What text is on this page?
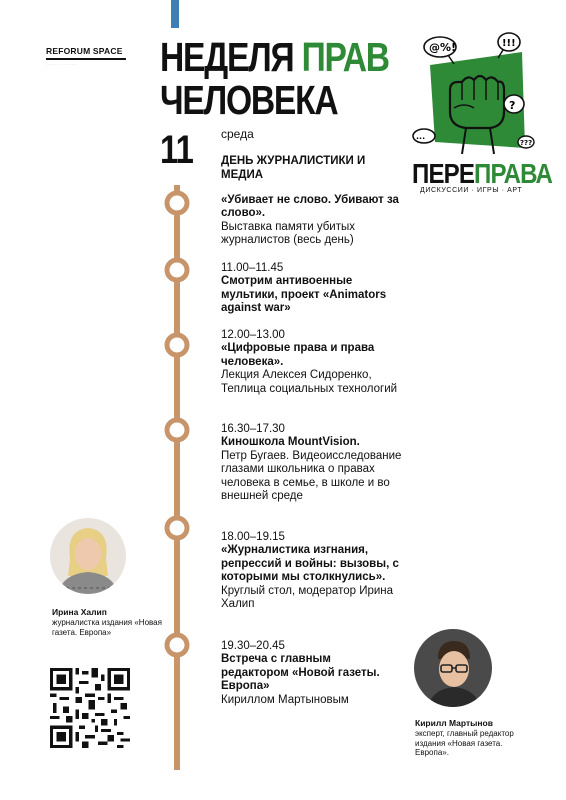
REFORUM SPACE
· · · · · · · · · · · · · · · · · ·	НЕДЕЛЯ ПРАВ
ЧЕЛОВЕКА
@%!	!!!
...
?
???
ПЕРЕПРАВА
ДИСКУССИИ · ИГРЫ · АРТ
11 среда
ДЕНЬ ЖУРНАЛИСТИКИ И МЕДИА
«Убивает не слово. Убивают за слово».
Выставка памяти убитых журналистов (весь день)
11.00–11.45
Смотрим антивоенные мультики, проект «Animators against war»
12.00–13.00
«Цифровые права и права человека».
Лекция Алексея Сидоренко, Теплица социальных технологий
16.30–17.30
Киношкола MountVision.
Петр Бугаев. Видеоисследование глазами школьника о правах человека в семье, в школе и во внешней среде
18.00–19.15
«Журналистика изгнания, репрессий и войны: вызовы, с которыми мы столкнулись».
Круглый стол, модератор Ирина Халип
19.30–20.45
Встреча с главным редактором «Новой газеты. Европа»
Кириллом Мартыновым
Ирина Халип
журналистка издания «Новая газета. Европа»
Кирилл Мартынов
эксперт, главный редактор издания «Новая газета. Европа».
